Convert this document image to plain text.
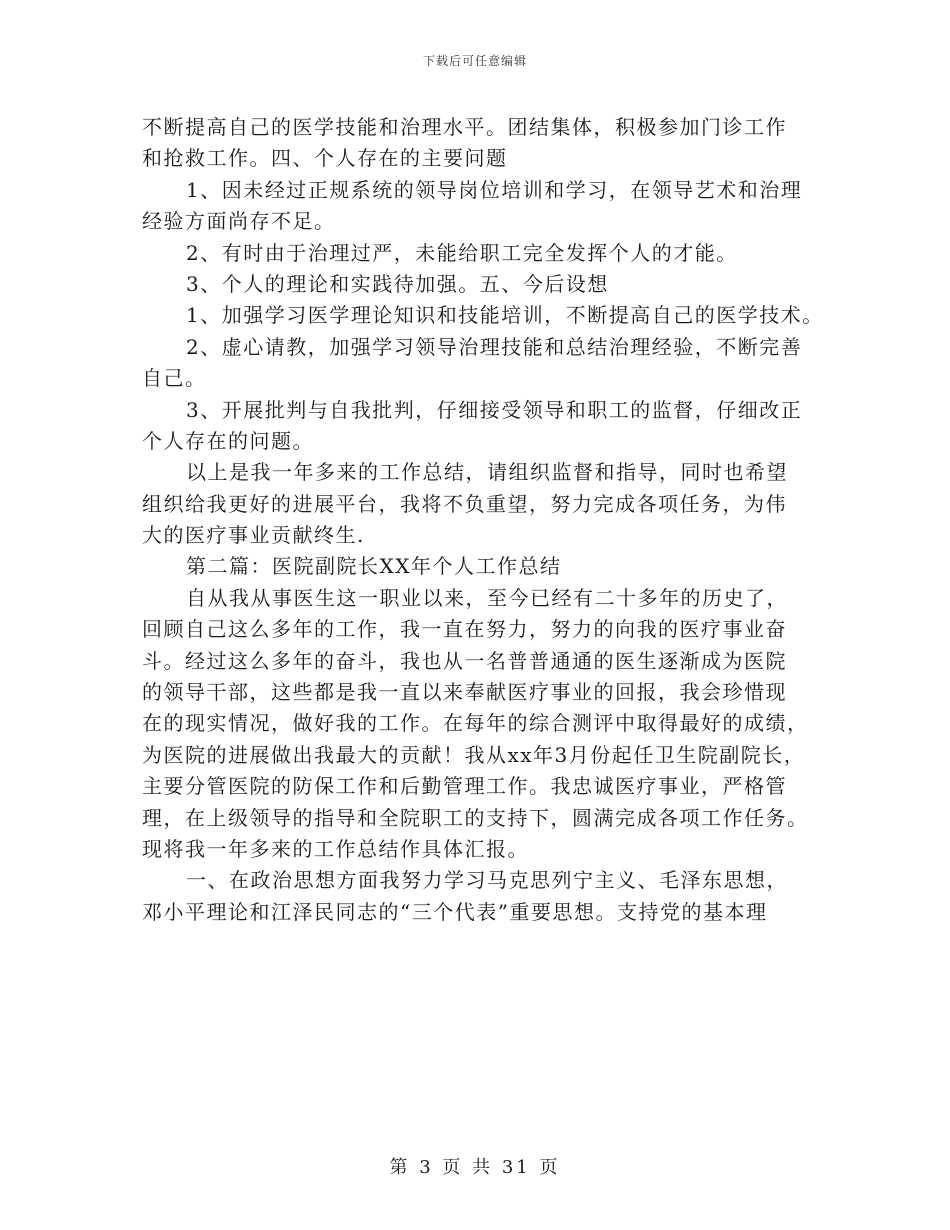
下载后可任意编辑
不断提高自己的医学技能和治理水平。团结集体，积极参加门诊工作
和抢救工作。四、个人存在的主要问题
1、因未经过正规系统的领导岗位培训和学习，在领导艺术和治理
经验方面尚存不足。
2、有时由于治理过严，未能给职工完全发挥个人的才能。
3、个人的理论和实践待加强。五、今后设想
1、加强学习医学理论知识和技能培训，不断提高自己的医学技术。
2、虚心请教，加强学习领导治理技能和总结治理经验，不断完善
自己。
3、开展批判与自我批判，仔细接受领导和职工的监督，仔细改正
个人存在的问题。
以上是我一年多来的工作总结，请组织监督和指导，同时也希望
组织给我更好的进展平台，我将不负重望，努力完成各项任务，为伟
大的医疗事业贡献终生.
第二篇：医院副院长XX年个人工作总结
自从我从事医生这一职业以来，至今已经有二十多年的历史了，
回顾自己这么多年的工作，我一直在努力，努力的向我的医疗事业奋
斗。经过这么多年的奋斗，我也从一名普普通通的医生逐渐成为医院
的领导干部，这些都是我一直以来奉献医疗事业的回报，我会珍惜现
在的现实情况，做好我的工作。在每年的综合测评中取得最好的成绩，
为医院的进展做出我最大的贡献！我从xx年3月份起任卫生院副院长，
主要分管医院的防保工作和后勤管理工作。我忠诚医疗事业，严格管
理，在上级领导的指导和全院职工的支持下，圆满完成各项工作任务。
现将我一年多来的工作总结作具体汇报。
一、在政治思想方面我努力学习马克思列宁主义、毛泽东思想，
邓小平理论和江泽民同志的“三个代表”重要思想。支持党的基本理
第 3 页 共 31 页
